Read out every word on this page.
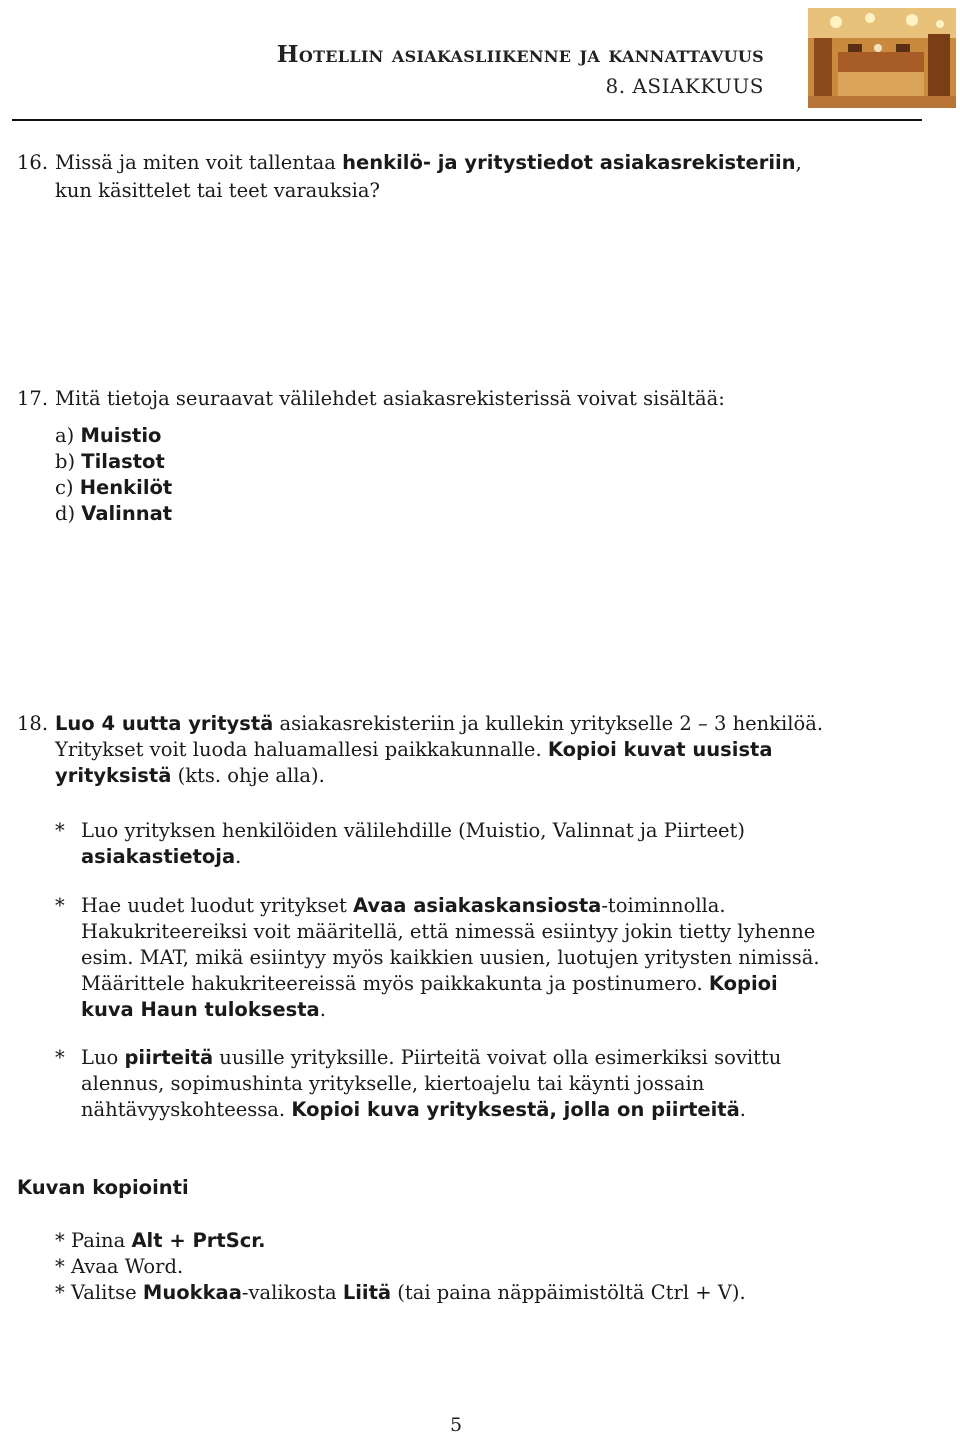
Hotellin asiakasliikenne ja kannattavuus
8. ASIAKKUUS
16. Missä ja miten voit tallentaa henkilö- ja yritystiedot asiakasrekisteriin,
kun käsittelet tai teet varauksia?
17. Mitä tietoja seuraavat välilehdet asiakasrekisterissä voivat sisältää:
a) Muistio
b) Tilastot
c) Henkilöt
d) Valinnat
18. Luo 4 uutta yritystä asiakasrekisteriin ja kullekin yritykselle 2 – 3 henkilöä.
Yritykset voit luoda haluamallesi paikkakunnalle. Kopioi kuvat uusista
yrityksistä (kts. ohje alla).
* Luo yrityksen henkilöiden välilehdille (Muistio, Valinnat ja Piirteet)
asiakastietoja.
* Hae uudet luodut yritykset Avaa asiakaskansiosta-toiminnolla.
Hakukriteereiksi voit määritellä, että nimessä esiintyy jokin tietty lyhenne
esim. MAT, mikä esiintyy myös kaikkien uusien, luotujen yritysten nimissä.
Määrittele hakukriteereissä myös paikkakunta ja postinumero. Kopioi
kuva Haun tuloksesta.
* Luo piirteitä uusille yrityksille. Piirteitä voivat olla esimerkiksi sovittu
alennus, sopimushinta yritykselle, kiertoajelu tai käynti jossain
nähtävyyskohteessa. Kopioi kuva yrityksestä, jolla on piirteitä.
Kuvan kopiointi
* Paina Alt + PrtScr.
* Avaa Word.
* Valitse Muokkaa-valikosta Liitä (tai paina näppäimistöltä Ctrl + V).
5
